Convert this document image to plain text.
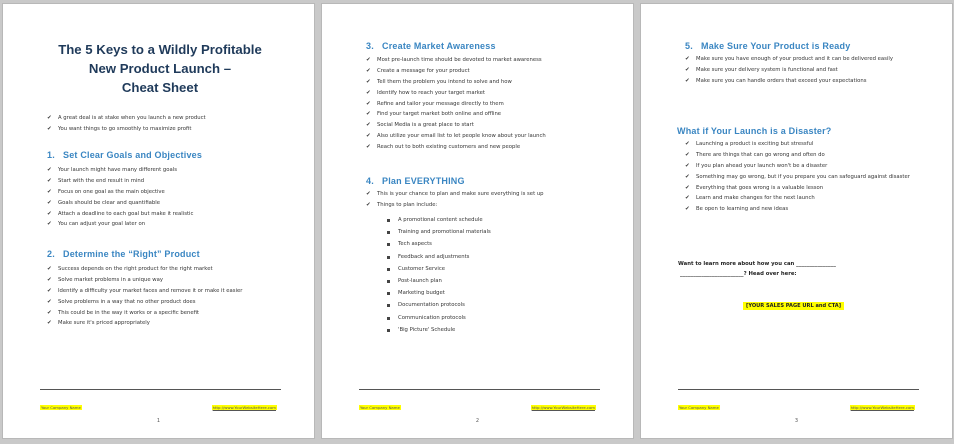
The 5 Keys to a Wildly Profitable
New Product Launch –
Cheat Sheet
✔ A great deal is at stake when you launch a new product
✔ You want things to go smoothly to maximize profit
1.   Set Clear Goals and Objectives
✔ Your launch might have many different goals
✔ Start with the end result in mind
✔ Focus on one goal as the main objective
✔ Goals should be clear and quantifiable
✔ Attach a deadline to each goal but make it realistic
✔ You can adjust your goal later on
2.   Determine the “Right” Product
✔ Success depends on the right product for the right market
✔ Solve market problems in a unique way
✔ Identify a difficulty your market faces and remove it or make it easier
✔ Solve problems in a way that no other product does
✔ This could be in the way it works or a specific benefit
✔ Make sure it's priced appropriately
Your Company Name	http://www.YourWebsiteHere.com
1
3.   Create Market Awareness
✔ Most pre-launch time should be devoted to market awareness
✔ Create a message for your product
✔ Tell them the problem you intend to solve and how
✔ Identify how to reach your target market
✔ Refine and tailor your message directly to them
✔ Find your target market both online and offline
✔ Social Media is a great place to start
✔ Also utilize your email list to let people know about your launch
✔ Reach out to both existing customers and new people
4.   Plan EVERYTHING
✔ This is your chance to plan and make sure everything is set up
✔ Things to plan include:
A promotional content schedule
Training and promotional materials
Tech aspects
Feedback and adjustments
Customer Service
Post-launch plan
Marketing budget
Documentation protocols
Communication protocols
'Big Picture' Schedule
Your Company Name	http://www.YourWebsiteHere.com
2
5.   Make Sure Your Product is Ready
✔ Make sure you have enough of your product and it can be delivered easily
✔ Make sure your delivery system is functional and fast
✔ Make sure you can handle orders that exceed your expectations
What if Your Launch is a Disaster?
✔ Launching a product is exciting but stressful
✔ There are things that can go wrong and often do
✔ If you plan ahead your launch won't be a disaster
✔ Something may go wrong, but if you prepare you can safeguard against disaster
✔ Everything that goes wrong is a valuable lesson
✔ Learn and make changes for the next launch
✔ Be open to learning and new ideas
Want to learn more about how you can _______________
________________________? Head over here:
[YOUR SALES PAGE URL and CTA]
Your Company Name	http://www.YourWebsiteHere.com
3
